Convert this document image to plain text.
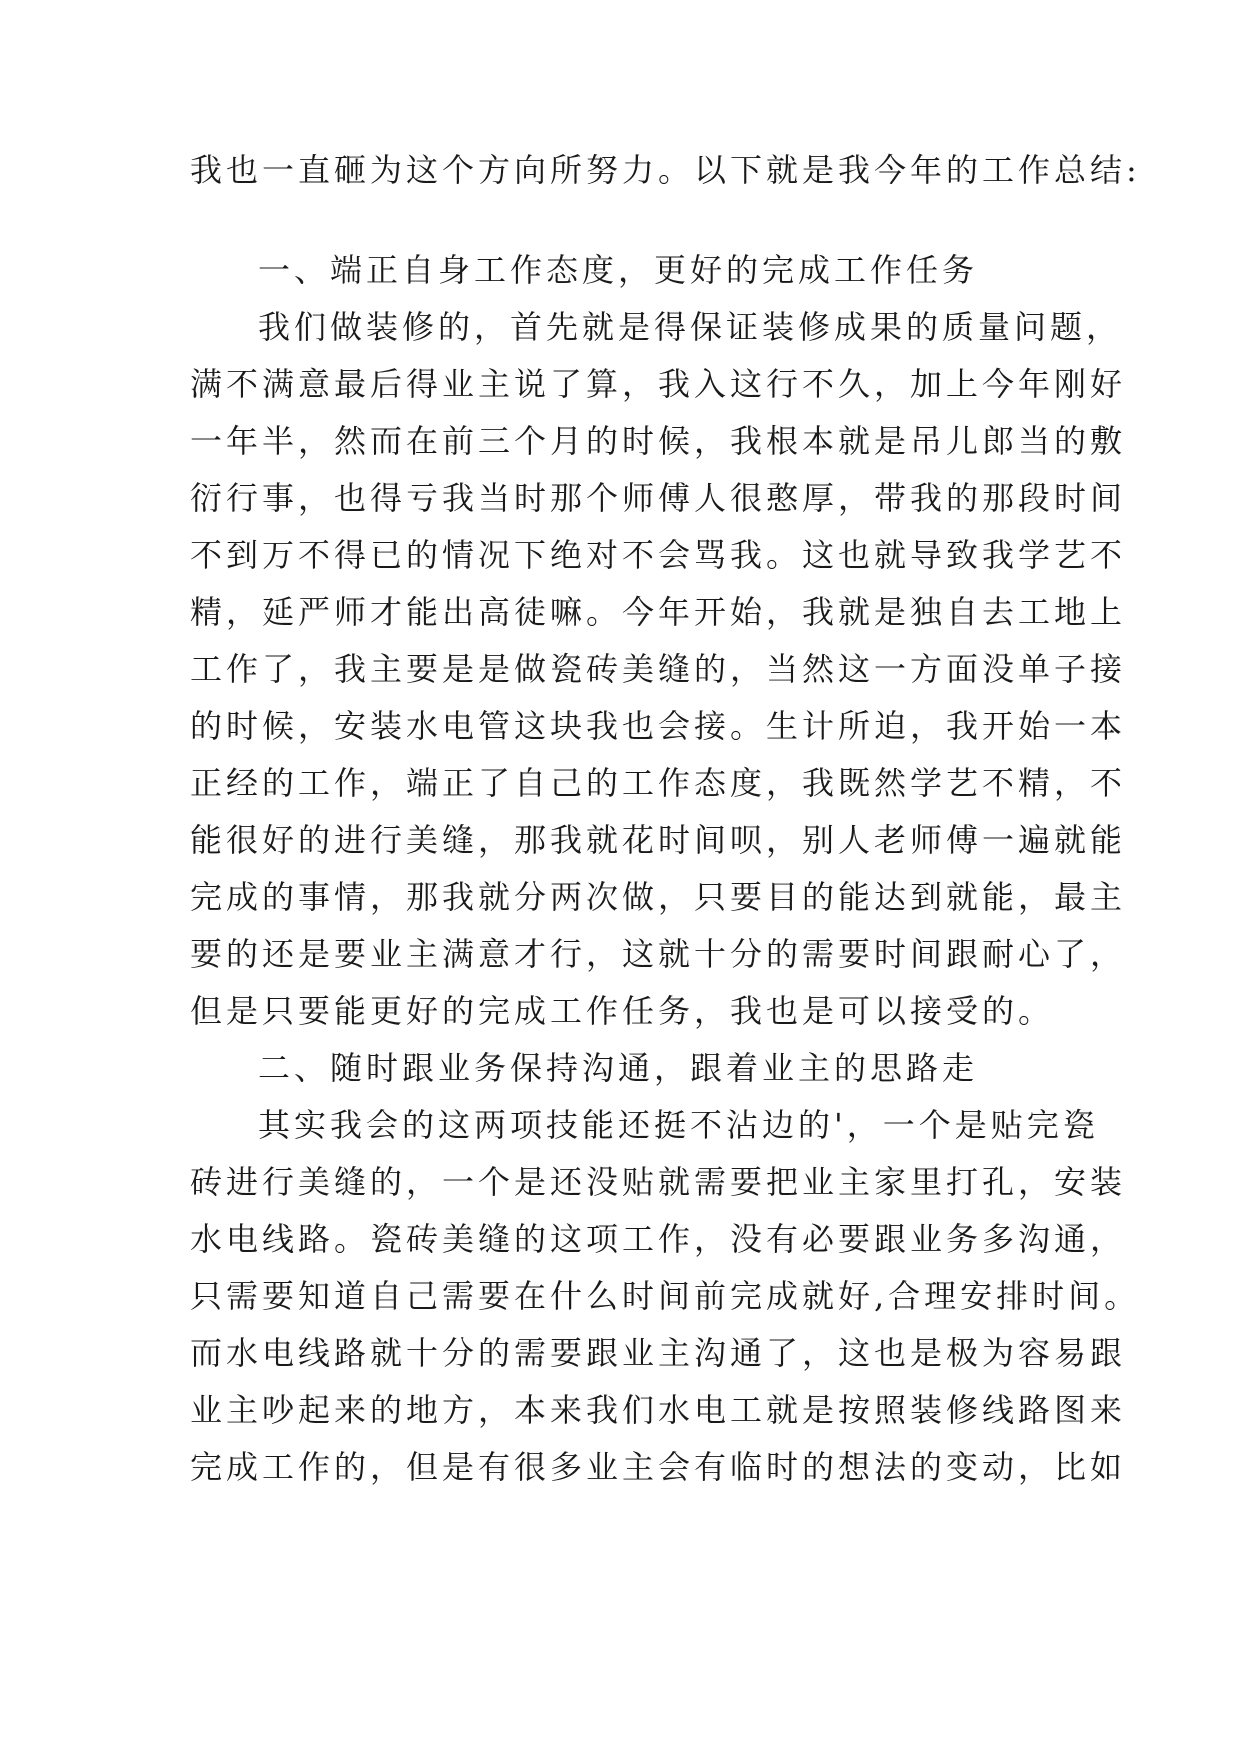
我也一直砸为这个方向所努力。以下就是我今年的工作总结:
一、端正自身工作态度，更好的完成工作任务
我们做装修的，首先就是得保证装修成果的质量问题，
满不满意最后得业主说了算，我入这行不久，加上今年刚好
一年半，然而在前三个月的时候，我根本就是吊儿郎当的敷
衍行事，也得亏我当时那个师傅人很憨厚，带我的那段时间
不到万不得已的情况下绝对不会骂我。这也就导致我学艺不
精，延严师才能出高徒嘛。今年开始，我就是独自去工地上
工作了，我主要是是做瓷砖美缝的，当然这一方面没单子接
的时候，安装水电管这块我也会接。生计所迫，我开始一本
正经的工作，端正了自己的工作态度，我既然学艺不精，不
能很好的进行美缝，那我就花时间呗，别人老师傅一遍就能
完成的事情，那我就分两次做，只要目的能达到就能，最主
要的还是要业主满意才行，这就十分的需要时间跟耐心了，
但是只要能更好的完成工作任务，我也是可以接受的。
二、随时跟业务保持沟通，跟着业主的思路走
其实我会的这两项技能还挺不沾边的'，一个是贴完瓷
砖进行美缝的，一个是还没贴就需要把业主家里打孔，安装
水电线路。瓷砖美缝的这项工作，没有必要跟业务多沟通，
只需要知道自己需要在什么时间前完成就好,合理安排时间。
而水电线路就十分的需要跟业主沟通了，这也是极为容易跟
业主吵起来的地方，本来我们水电工就是按照装修线路图来
完成工作的，但是有很多业主会有临时的想法的变动，比如
